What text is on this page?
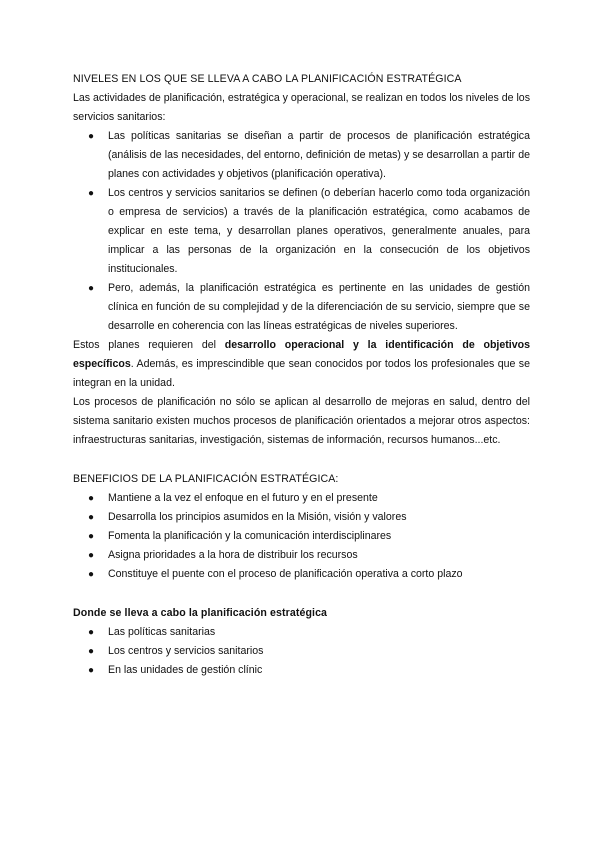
NIVELES EN LOS QUE SE LLEVA A CABO LA PLANIFICACIÓN ESTRATÉGICA

Las actividades de planificación, estratégica y operacional, se realizan en todos los niveles de los servicios sanitarios:

● Las políticas sanitarias se diseñan a partir de procesos de planificación estratégica (análisis de las necesidades, del entorno, definición de metas) y se desarrollan a partir de planes con actividades y objetivos (planificación operativa).
● Los centros y servicios sanitarios se definen (o deberían hacerlo como toda organización o empresa de servicios) a través de la planificación estratégica, como acabamos de explicar en este tema, y desarrollan planes operativos, generalmente anuales, para implicar a las personas de la organización en la consecución de los objetivos institucionales.
● Pero, además, la planificación estratégica es pertinente en las unidades de gestión clínica en función de su complejidad y de la diferenciación de su servicio, siempre que se desarrolle en coherencia con las líneas estratégicas de niveles superiores.

Estos planes requieren del desarrollo operacional y la identificación de objetivos específicos. Además, es imprescindible que sean conocidos por todos los profesionales que se integran en la unidad.

Los procesos de planificación no sólo se aplican al desarrollo de mejoras en salud, dentro del sistema sanitario existen muchos procesos de planificación orientados a mejorar otros aspectos: infraestructuras sanitarias, investigación, sistemas de información, recursos humanos...etc.

BENEFICIOS DE LA PLANIFICACIÓN ESTRATÉGICA:

● Mantiene a la vez el enfoque en el futuro y en el presente
● Desarrolla los principios asumidos en la Misión, visión y valores
● Fomenta la planificación y la comunicación interdisciplinares
● Asigna prioridades a la hora de distribuir los recursos
● Constituye el puente con el proceso de planificación operativa a corto plazo

Donde se lleva a cabo la planificación estratégica

● Las políticas sanitarias
● Los centros y servicios sanitarios
● En las unidades de gestión clínic
